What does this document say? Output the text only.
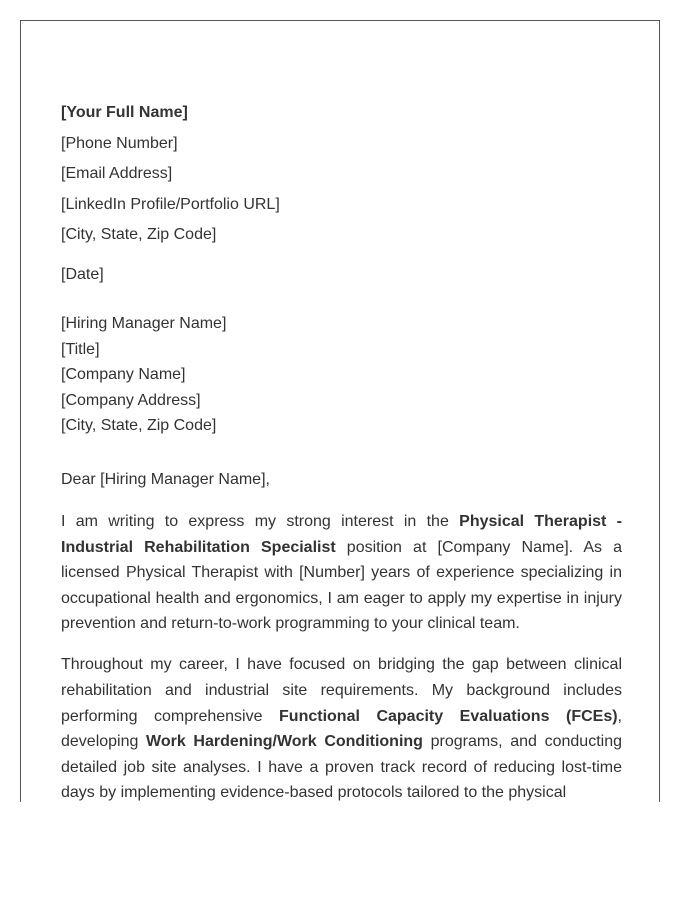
[Your Full Name]
[Phone Number]
[Email Address]
[LinkedIn Profile/Portfolio URL]
[City, State, Zip Code]
[Date]
[Hiring Manager Name]
[Title]
[Company Name]
[Company Address]
[City, State, Zip Code]
Dear [Hiring Manager Name],

I am writing to express my strong interest in the Physical Therapist - Industrial Rehabilitation Specialist position at [Company Name]. As a licensed Physical Therapist with [Number] years of experience specializing in occupational health and ergonomics, I am eager to apply my expertise in injury prevention and return-to-work programming to your clinical team.

Throughout my career, I have focused on bridging the gap between clinical rehabilitation and industrial site requirements. My background includes performing comprehensive Functional Capacity Evaluations (FCEs), developing Work Hardening/Work Conditioning programs, and conducting detailed job site analyses. I have a proven track record of reducing lost-time days by implementing evidence-based protocols tailored to the physical
